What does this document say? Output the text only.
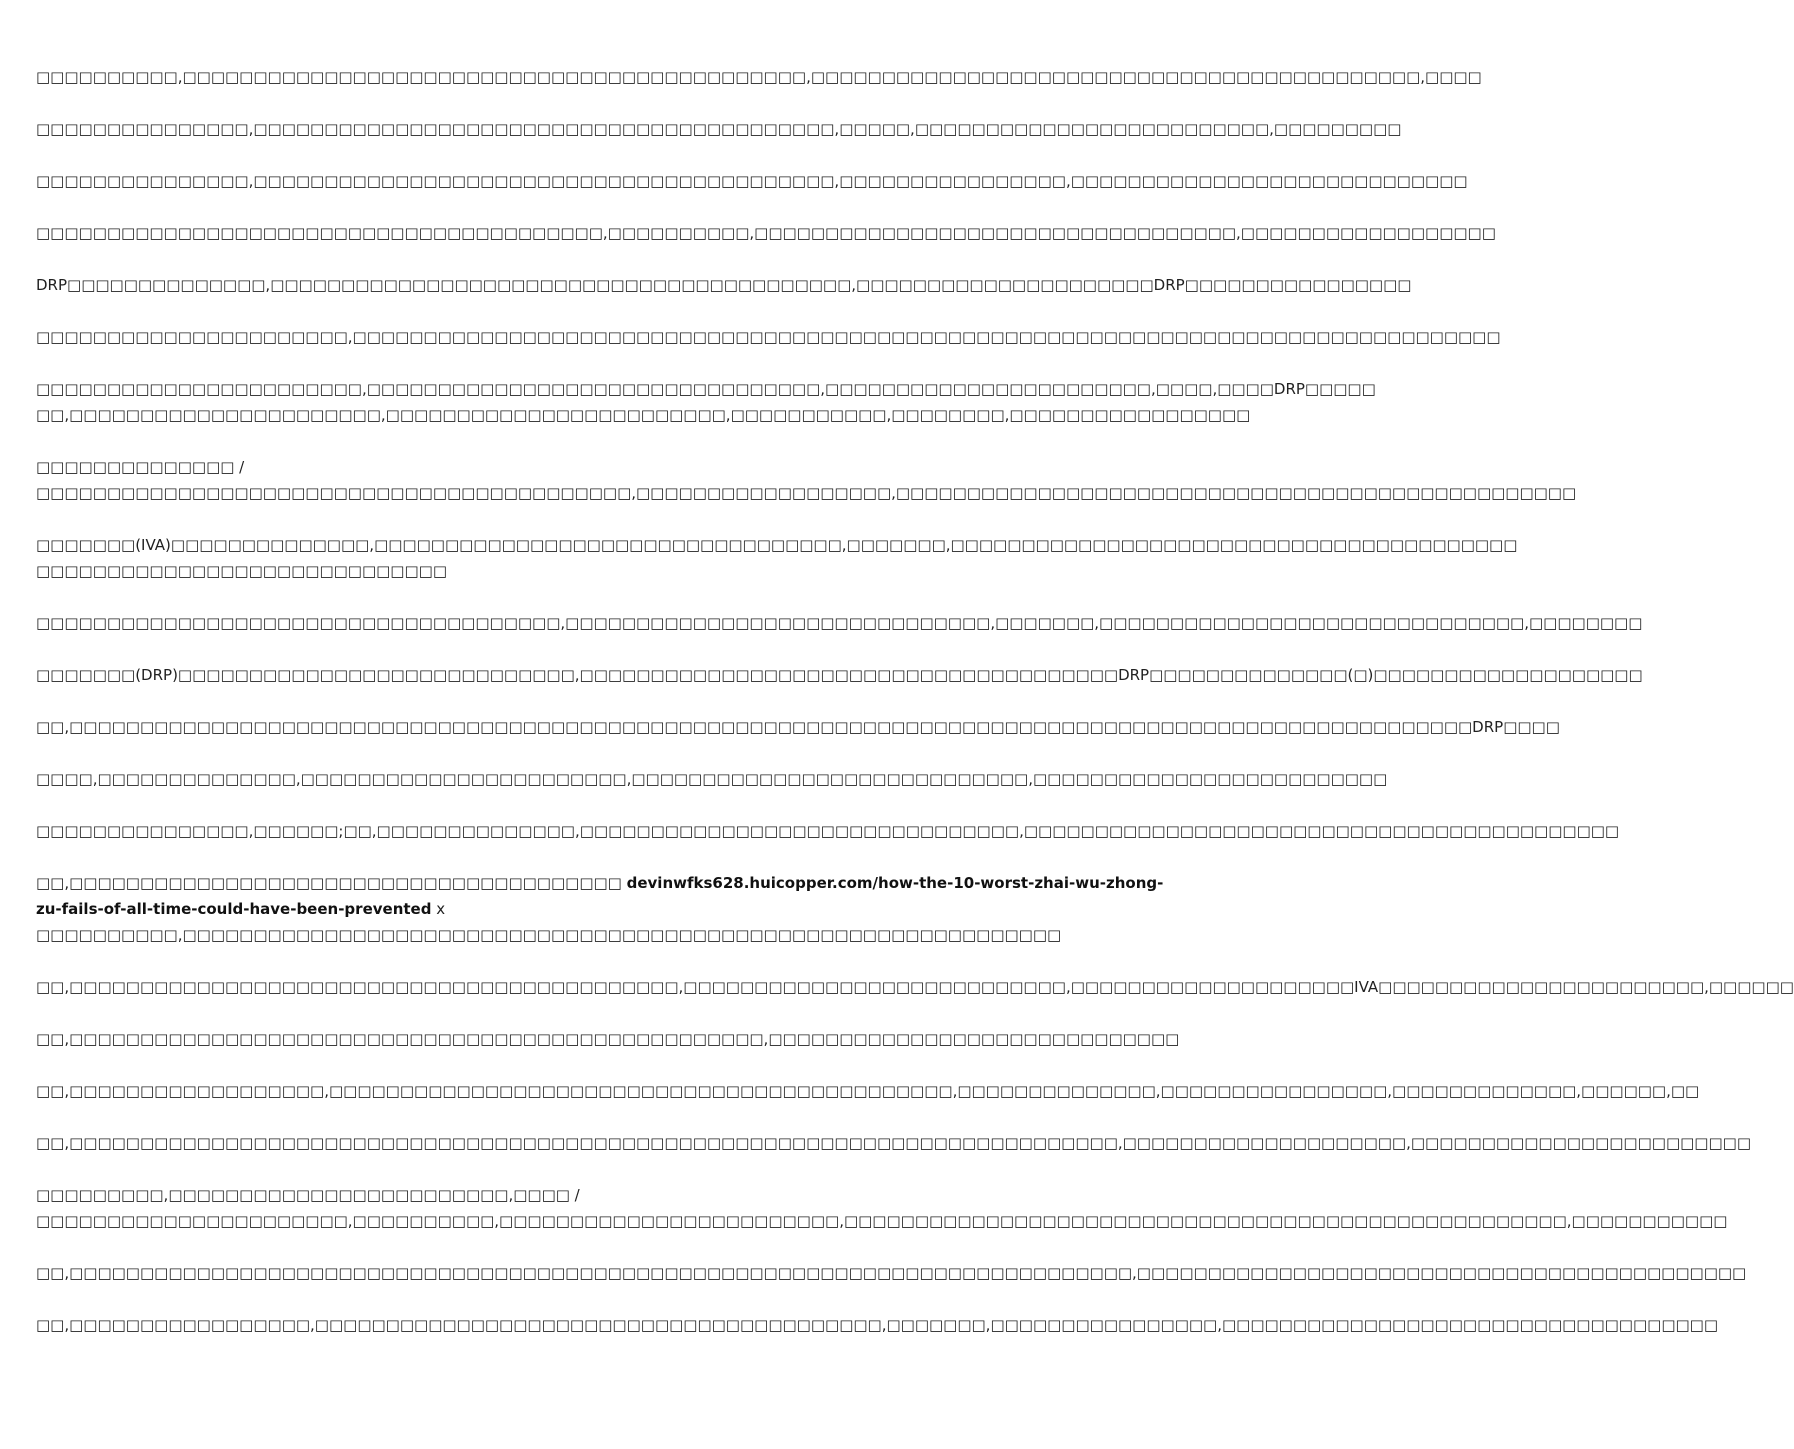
□□□□□□□□□□,□□□□□□□□□□□□□□□□□□□□□□□□□□□□□□□□□□□□□□□□□□□□,□□□□□□□□□□□□□□□□□□□□□□□□□□□□□□□□□□□□□□□□□□□,□□□□
□□□□□□□□□□□□□□□,□□□□□□□□□□□□□□□□□□□□□□□□□□□□□□□□□□□□□□□□□,□□□□□,□□□□□□□□□□□□□□□□□□□□□□□□□,□□□□□□□□□
□□□□□□□□□□□□□□□,□□□□□□□□□□□□□□□□□□□□□□□□□□□□□□□□□□□□□□□□□,□□□□□□□□□□□□□□□□,□□□□□□□□□□□□□□□□□□□□□□□□□□□□
□□□□□□□□□□□□□□□□□□□□□□□□□□□□□□□□□□□□□□□□,□□□□□□□□□□,□□□□□□□□□□□□□□□□□□□□□□□□□□□□□□□□□□,□□□□□□□□□□□□□□□□□□
DRP□□□□□□□□□□□□□□,□□□□□□□□□□□□□□□□□□□□□□□□□□□□□□□□□□□□□□□□□,□□□□□□□□□□□□□□□□□□□□□DRP□□□□□□□□□□□□□□□□
□□□□□□□□□□□□□□□□□□□□□□,□□□□□□□□□□□□□□□□□□□□□□□□□□□□□□□□□□□□□□□□□□□□□□□□□□□□□□□□□□□□□□□□□□□□□□□□□□□□□□□□□
□□□□□□□□□□□□□□□□□□□□□□□,□□□□□□□□□□□□□□□□□□□□□□□□□□□□□□□□,□□□□□□□□□□□□□□□□□□□□□□□,□□□□,□□□□DRP□□□□□
□□,□□□□□□□□□□□□□□□□□□□□□□,□□□□□□□□□□□□□□□□□□□□□□□□,□□□□□□□□□□□,□□□□□□□□,□□□□□□□□□□□□□□□□□
□□□□□□□□□□□□□□ /
□□□□□□□□□□□□□□□□□□□□□□□□□□□□□□□□□□□□□□□□□□,□□□□□□□□□□□□□□□□□□,□□□□□□□□□□□□□□□□□□□□□□□□□□□□□□□□□□□□□□□□□□□□□□□□
□□□□□□□(IVA)□□□□□□□□□□□□□□,□□□□□□□□□□□□□□□□□□□□□□□□□□□□□□□□□,□□□□□□□,□□□□□□□□□□□□□□□□□□□□□□□□□□□□□□□□□□□□□□□□
□□□□□□□□□□□□□□□□□□□□□□□□□□□□□
□□□□□□□□□□□□□□□□□□□□□□□□□□□□□□□□□□□□□,□□□□□□□□□□□□□□□□□□□□□□□□□□□□□□,□□□□□□□,□□□□□□□□□□□□□□□□□□□□□□□□□□□□□□,□□□□□□□□
□□□□□□□(DRP)□□□□□□□□□□□□□□□□□□□□□□□□□□□□,□□□□□□□□□□□□□□□□□□□□□□□□□□□□□□□□□□□□□□DRP□□□□□□□□□□□□□□(□)□□□□□□□□□□□□□□□□□□□
□□,□□□□□□□□□□□□□□□□□□□□□□□□□□□□□□□□□□□□□□□□□□□□□□□□□□□□□□□□□□□□□□□□□□□□□□□□□□□□□□□□□□□□□□□□□□□□□□□□□□□DRP□□□□
□□□□,□□□□□□□□□□□□□□,□□□□□□□□□□□□□□□□□□□□□□□,□□□□□□□□□□□□□□□□□□□□□□□□□□□□,□□□□□□□□□□□□□□□□□□□□□□□□□
□□□□□□□□□□□□□□□,□□□□□□;□□,□□□□□□□□□□□□□□,□□□□□□□□□□□□□□□□□□□□□□□□□□□□□□□,□□□□□□□□□□□□□□□□□□□□□□□□□□□□□□□□□□□□□□□□□□
□□,□□□□□□□□□□□□□□□□□□□□□□□□□□□□□□□□□□□□□□□ devinwfks628.huicopper.com/how-the-10-worst-zhai-wu-zhong-
zu-fails-of-all-time-could-have-been-prevented x
□□□□□□□□□□,□□□□□□□□□□□□□□□□□□□□□□□□□□□□□□□□□□□□□□□□□□□□□□□□□□□□□□□□□□□□□□
□□,□□□□□□□□□□□□□□□□□□□□□□□□□□□□□□□□□□□□□□□□□□□,□□□□□□□□□□□□□□□□□□□□□□□□□□□,□□□□□□□□□□□□□□□□□□□□IVA□□□□□□□□□□□□□□□□□□□□□□□,□□□□□□
□□,□□□□□□□□□□□□□□□□□□□□□□□□□□□□□□□□□□□□□□□□□□□□□□□□□,□□□□□□□□□□□□□□□□□□□□□□□□□□□□□
□□,□□□□□□□□□□□□□□□□□□,□□□□□□□□□□□□□□□□□□□□□□□□□□□□□□□□□□□□□□□□□□□□,□□□□□□□□□□□□□□,□□□□□□□□□□□□□□□□,□□□□□□□□□□□□□,□□□□□□,□□
□□,□□□□□□□□□□□□□□□□□□□□□□□□□□□□□□□□□□□□□□□□□□□□□□□□□□□□□□□□□□□□□□□□□□□□□□□□□□,□□□□□□□□□□□□□□□□□□□□,□□□□□□□□□□□□□□□□□□□□□□□□
□□□□□□□□□,□□□□□□□□□□□□□□□□□□□□□□□□,□□□□ /
□□□□□□□□□□□□□□□□□□□□□□,□□□□□□□□□□,□□□□□□□□□□□□□□□□□□□□□□□□,□□□□□□□□□□□□□□□□□□□□□□□□□□□□□□□□□□□□□□□□□□□□□□□□□□□,□□□□□□□□□□□
□□,□□□□□□□□□□□□□□□□□□□□□□□□□□□□□□□□□□□□□□□□□□□□□□□□□□□□□□□□□□□□□□□□□□□□□□□□□□□,□□□□□□□□□□□□□□□□□□□□□□□□□□□□□□□□□□□□□□□□□□□
□□,□□□□□□□□□□□□□□□□□,□□□□□□□□□□□□□□□□□□□□□□□□□□□□□□□□□□□□□□□□,□□□□□□□,□□□□□□□□□□□□□□□□,□□□□□□□□□□□□□□□□□□□□□□□□□□□□□□□□□□□
